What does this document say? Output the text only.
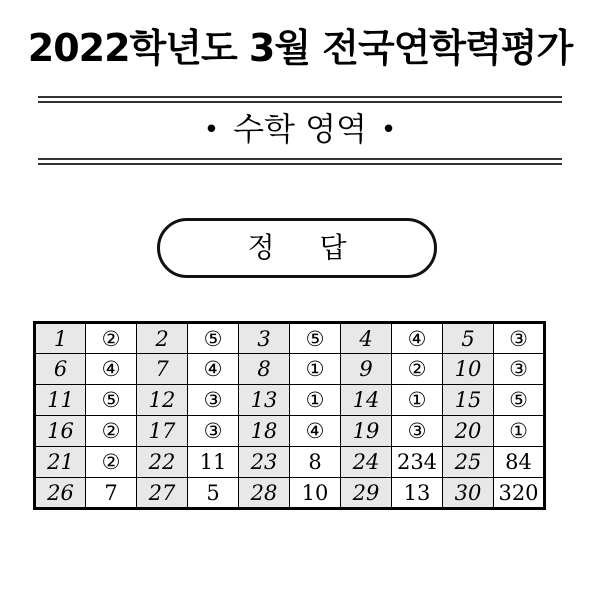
2022학년도 3월 전국연학력평가
• 수학 영역 •
정 답
1	②	2	⑤	3	⑤	4	④	5	③
6	④	7	④	8	①	9	②	10	③
11	⑤	12	③	13	①	14	①	15	⑤
16	②	17	③	18	④	19	③	20	①
21	②	22	11	23	8	24	234	25	84
26	7	27	5	28	10	29	13	30	320
